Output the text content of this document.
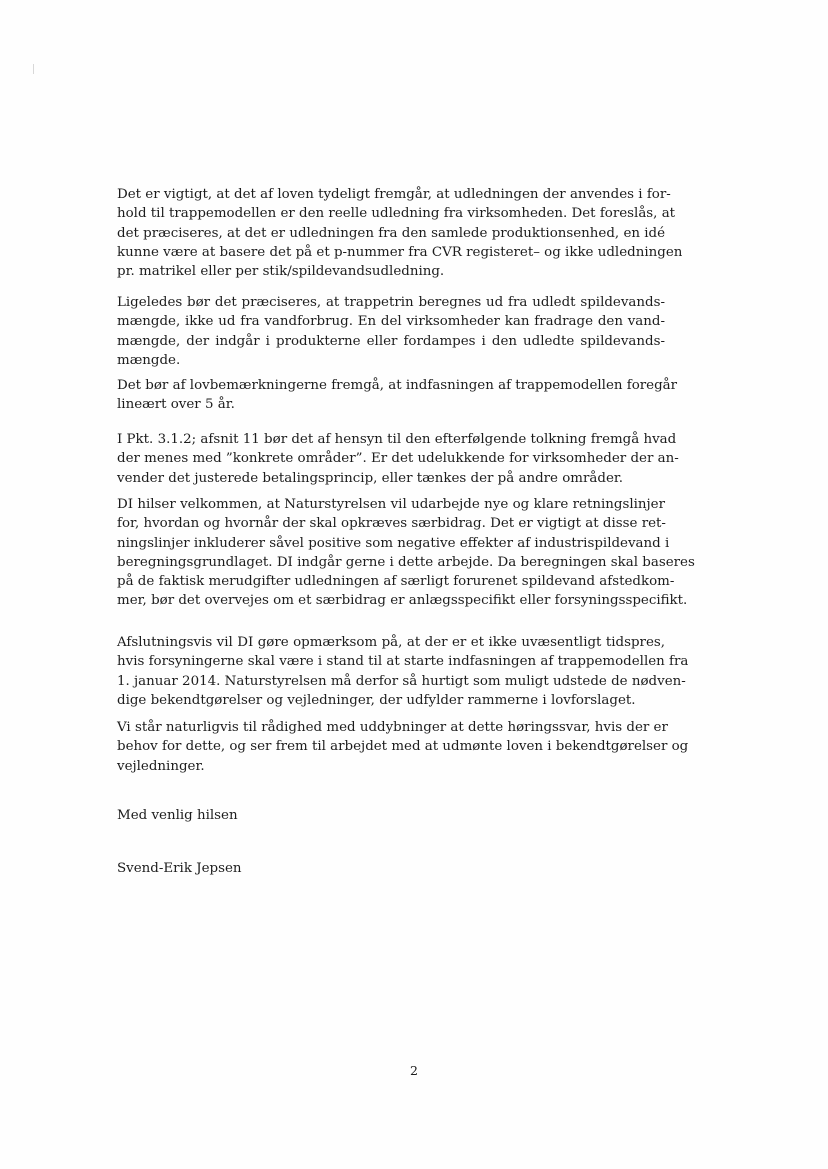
Det er vigtigt, at det af loven tydeligt fremgår, at udledningen der anvendes i for-
hold til trappemodellen er den reelle udledning fra virksomheden. Det foreslås, at
det præciseres, at det er udledningen fra den samlede produktionsenhed, en idé
kunne være at basere det på et p-nummer fra CVR registeret– og ikke udledningen
pr. matrikel eller per stik/spildevandsudledning.

Ligeledes bør det præciseres, at trappetrin beregnes ud fra udledt spildevands-
mængde, ikke ud fra vandforbrug. En del virksomheder kan fradrage den vand-
mængde, der indgår i produkterne eller fordampes i den udledte spildevands-
mængde.

Det bør af lovbemærkningerne fremgå, at indfasningen af trappemodellen foregår
lineært over 5 år.

I Pkt. 3.1.2; afsnit 11 bør det af hensyn til den efterfølgende tolkning fremgå hvad
der menes med ”konkrete områder”. Er det udelukkende for virksomheder der an-
vender det justerede betalingsprincip, eller tænkes der på andre områder.

DI hilser velkommen, at Naturstyrelsen vil udarbejde nye og klare retningslinjer
for, hvordan og hvornår der skal opkræves særbidrag. Det er vigtigt at disse ret-
ningslinjer inkluderer såvel positive som negative effekter af industrispildevand i
beregningsgrundlaget. DI indgår gerne i dette arbejde. Da beregningen skal baseres
på de faktisk merudgifter udledningen af særligt forurenet spildevand afstedkom-
mer, bør det overvejes om et særbidrag er anlægsspecifikt eller forsyningsspecifikt.

Afslutningsvis vil DI gøre opmærksom på, at der er et ikke uvæsentligt tidspres,
hvis forsyningerne skal være i stand til at starte indfasningen af trappemodellen fra
1. januar 2014. Naturstyrelsen må derfor så hurtigt som muligt udstede de nødven-
dige bekendtgørelser og vejledninger, der udfylder rammerne i lovforslaget.

Vi står naturligvis til rådighed med uddybninger at dette høringssvar, hvis der er
behov for dette, og ser frem til arbejdet med at udmønte loven i bekendtgørelser og
vejledninger.

Med venlig hilsen

Svend-Erik Jepsen

2
